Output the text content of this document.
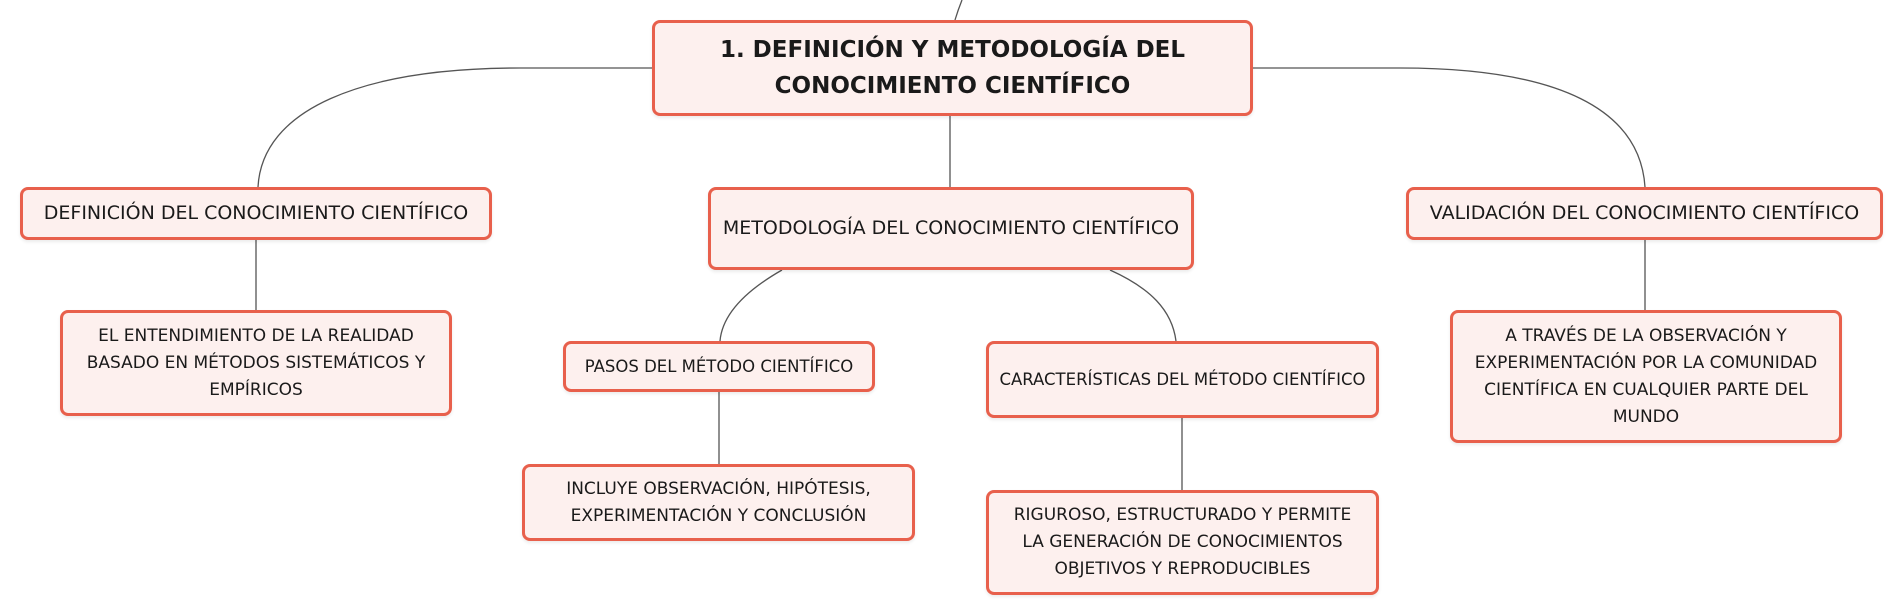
1. DEFINICIÓN Y METODOLOGÍA DEL CONOCIMIENTO CIENTÍFICO
DEFINICIÓN DEL CONOCIMIENTO CIENTÍFICO
METODOLOGÍA DEL CONOCIMIENTO CIENTÍFICO
VALIDACIÓN DEL CONOCIMIENTO CIENTÍFICO
EL ENTENDIMIENTO DE LA REALIDAD BASADO EN MÉTODOS SISTEMÁTICOS Y EMPÍRICOS
PASOS DEL MÉTODO CIENTÍFICO
CARACTERÍSTICAS DEL MÉTODO CIENTÍFICO
INCLUYE OBSERVACIÓN, HIPÓTESIS, EXPERIMENTACIÓN Y CONCLUSIÓN	RIGUROSO, ESTRUCTURADO Y PERMITE LA GENERACIÓN DE CONOCIMIENTOS OBJETIVOS Y REPRODUCIBLES
A TRAVÉS DE LA OBSERVACIÓN Y EXPERIMENTACIÓN POR LA COMUNIDAD CIENTÍFICA EN CUALQUIER PARTE DEL MUNDO
